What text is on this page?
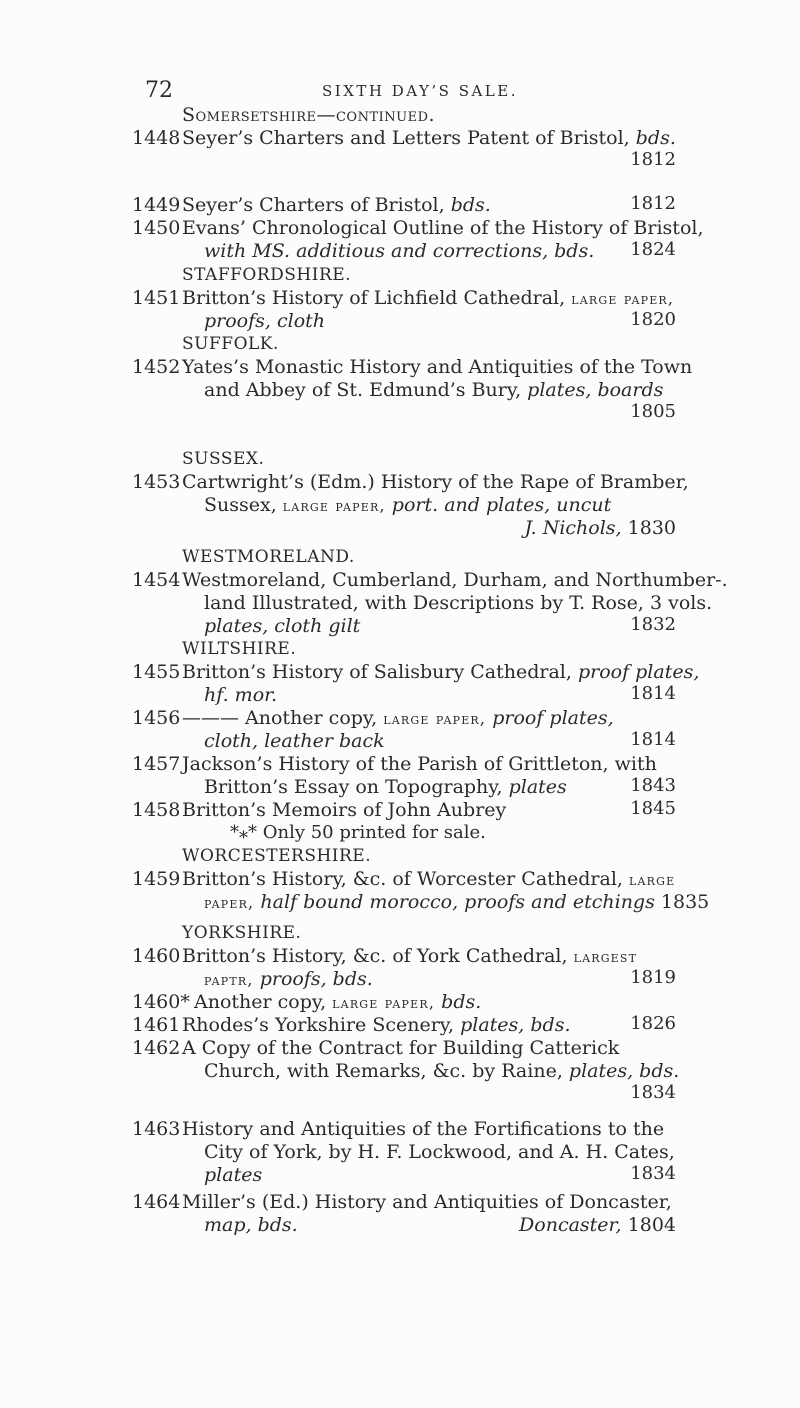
72	SIXTH DAY’S SALE.
Somersetshire—continued.
1448 Seyer’s Charters and Letters Patent of Bristol, bds.
1812
1449 Seyer’s Charters of Bristol, bds.	1812
1450 Evans’ Chronological Outline of the History of Bristol,
with MS. additious and corrections, bds. 1824
STAFFORDSHIRE.
1451 Britton’s History of Lichfield Cathedral, large paper,
proofs, cloth	1820
SUFFOLK.
1452 Yates’s Monastic History and Antiquities of the Town
and Abbey of St. Edmund’s Bury, plates, boards
1805
SUSSEX.
1453 Cartwright’s (Edm.) History of the Rape of Bramber,
Sussex, large paper, port. and plates, uncut
J. Nichols, 1830
WESTMORELAND.
1454 Westmoreland, Cumberland, Durham, and Northumber-.
land Illustrated, with Descriptions by T. Rose, 3 vols.
plates, cloth gilt	1832
WILTSHIRE.
1455 Britton’s History of Salisbury Cathedral, proof plates,
hf. mor.	1814
1456 ——— Another copy, large paper, proof plates,
cloth, leather back	1814
1457 Jackson’s History of the Parish of Grittleton, with
Britton’s Essay on Topography, plates	1843
1458 Britton’s Memoirs of John Aubrey	1845
*⁎* Only 50 printed for sale.
WORCESTERSHIRE.
1459 Britton’s History, &c. of Worcester Cathedral, large
paper, half bound morocco, proofs and etchings 1835
YORKSHIRE.
1460 Britton’s History, &c. of York Cathedral, largest
paptr, proofs, bds.	1819
1460* Another copy, large paper, bds.
1461 Rhodes’s Yorkshire Scenery, plates, bds.	1826
1462 A Copy of the Contract for Building Catterick
Church, with Remarks, &c. by Raine, plates, bds.
1834
1463 History and Antiquities of the Fortifications to the
City of York, by H. F. Lockwood, and A. H. Cates,
plates	1834
1464 Miller’s (Ed.) History and Antiquities of Doncaster,
map, bds.	Doncaster, 1804
